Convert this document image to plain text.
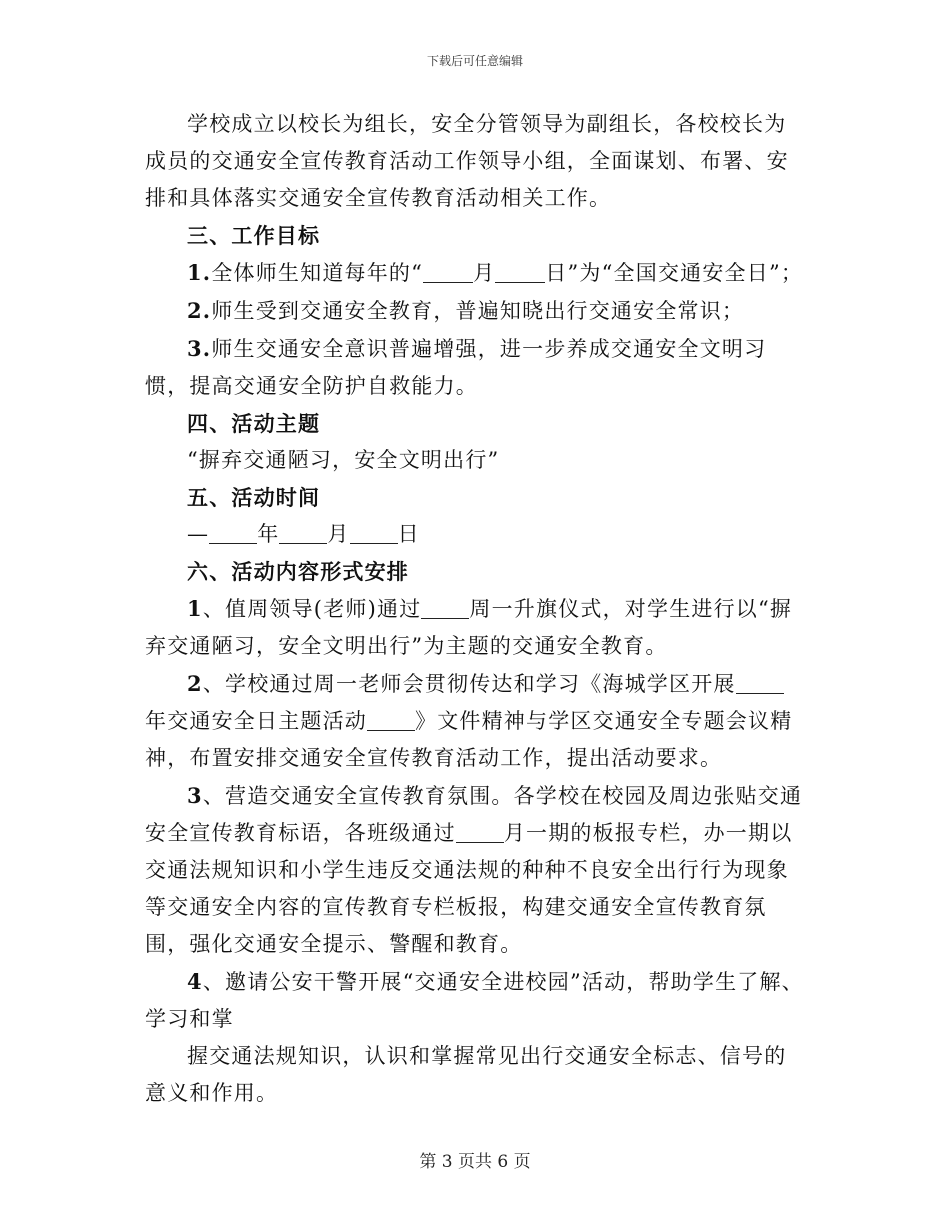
下载后可任意编辑

学校成立以校长为组长，安全分管领导为副组长，各校校长为成员的交通安全宣传教育活动工作领导小组，全面谋划、布署、安排和具体落实交通安全宣传教育活动相关工作。

三、工作目标

1.全体师生知道每年的“ 月 日”为“全国交通安全日”；

2.师生受到交通安全教育，普遍知晓出行交通安全常识；

3.师生交通安全意识普遍增强，进一步养成交通安全文明习惯，提高交通安全防护自救能力。

四、活动主题

“摒弃交通陋习，安全文明出行”

五、活动时间

— 年 月 日

六、活动内容形式安排

1、值周领导(老师)通过 周一升旗仪式，对学生进行以“摒弃交通陋习，安全文明出行”为主题的交通安全教育。

2、学校通过周一老师会贯彻传达和学习《海城学区开展年交通安全日主题活动 》文件精神与学区交通安全专题会议精神，布置安排交通安全宣传教育活动工作，提出活动要求。

3、营造交通安全宣传教育氛围。各学校在校园及周边张贴交通安全宣传教育标语，各班级通过 月一期的板报专栏，办一期以交通法规知识和小学生违反交通法规的种种不良安全出行行为现象等交通安全内容的宣传教育专栏板报，构建交通安全宣传教育氛围，强化交通安全提示、警醒和教育。

4、邀请公安干警开展“交通安全进校园”活动，帮助学生了解、学习和掌

握交通法规知识，认识和掌握常见出行交通安全标志、信号的意义和作用。

第 3 页共 6 页
